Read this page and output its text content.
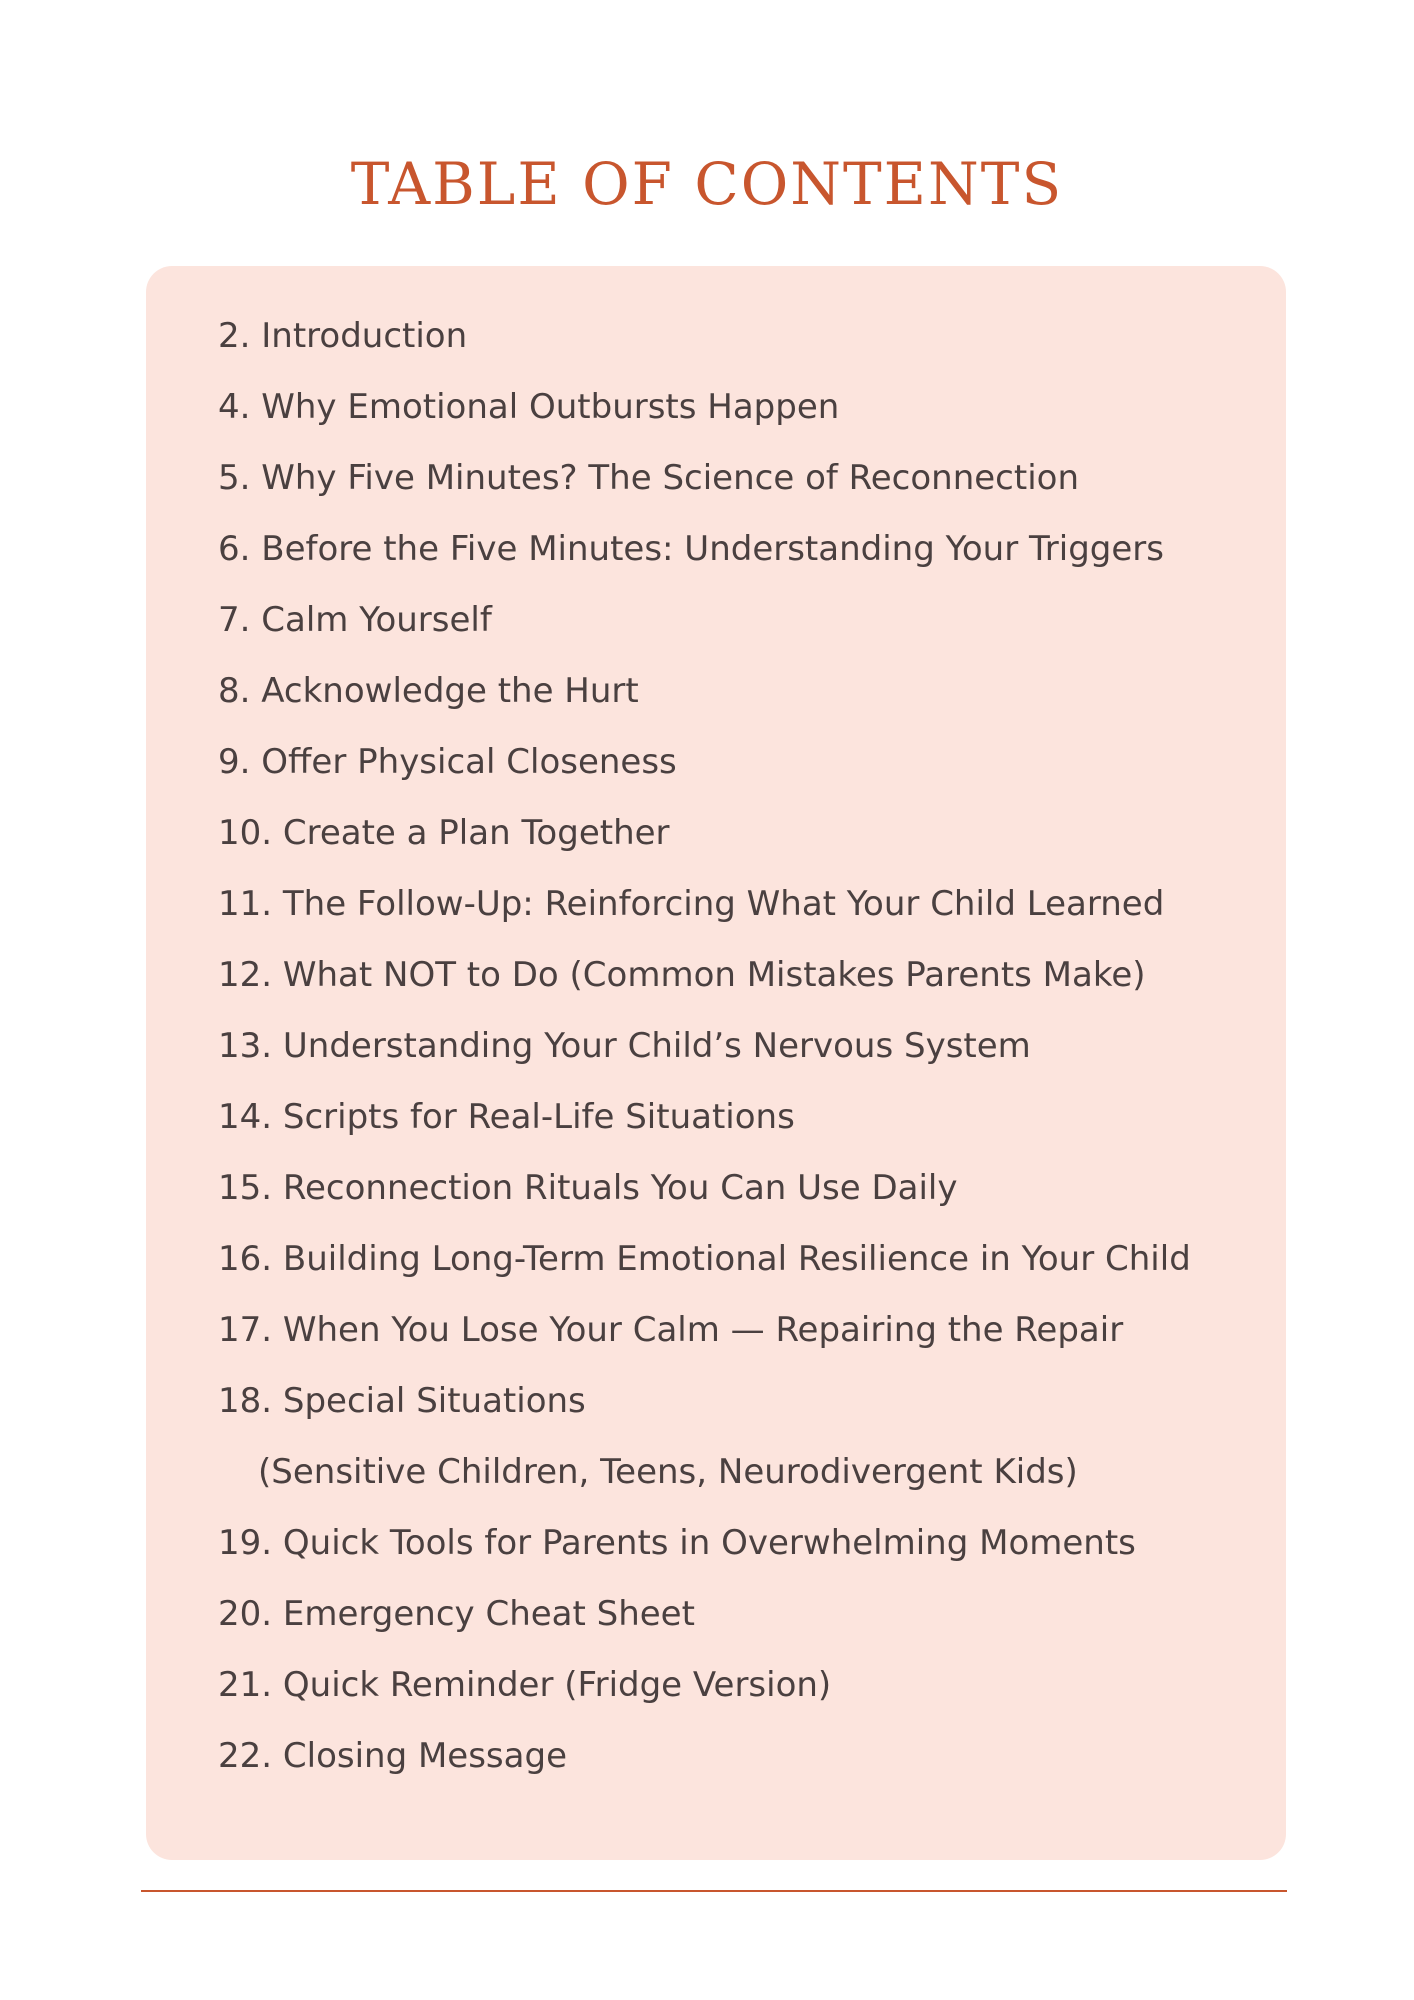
TABLE OF CONTENTS
2. Introduction
4. Why Emotional Outbursts Happen
5. Why Five Minutes? The Science of Reconnection
6. Before the Five Minutes: Understanding Your Triggers
7. Calm Yourself
8. Acknowledge the Hurt
9. Offer Physical Closeness
10. Create a Plan Together
11. The Follow-Up: Reinforcing What Your Child Learned
12. What NOT to Do (Common Mistakes Parents Make)
13. Understanding Your Child’s Nervous System
14. Scripts for Real-Life Situations
15. Reconnection Rituals You Can Use Daily
16. Building Long-Term Emotional Resilience in Your Child
17. When You Lose Your Calm — Repairing the Repair
18. Special Situations
(Sensitive Children, Teens, Neurodivergent Kids)
19. Quick Tools for Parents in Overwhelming Moments
20. Emergency Cheat Sheet
21. Quick Reminder (Fridge Version)
22. Closing Message
